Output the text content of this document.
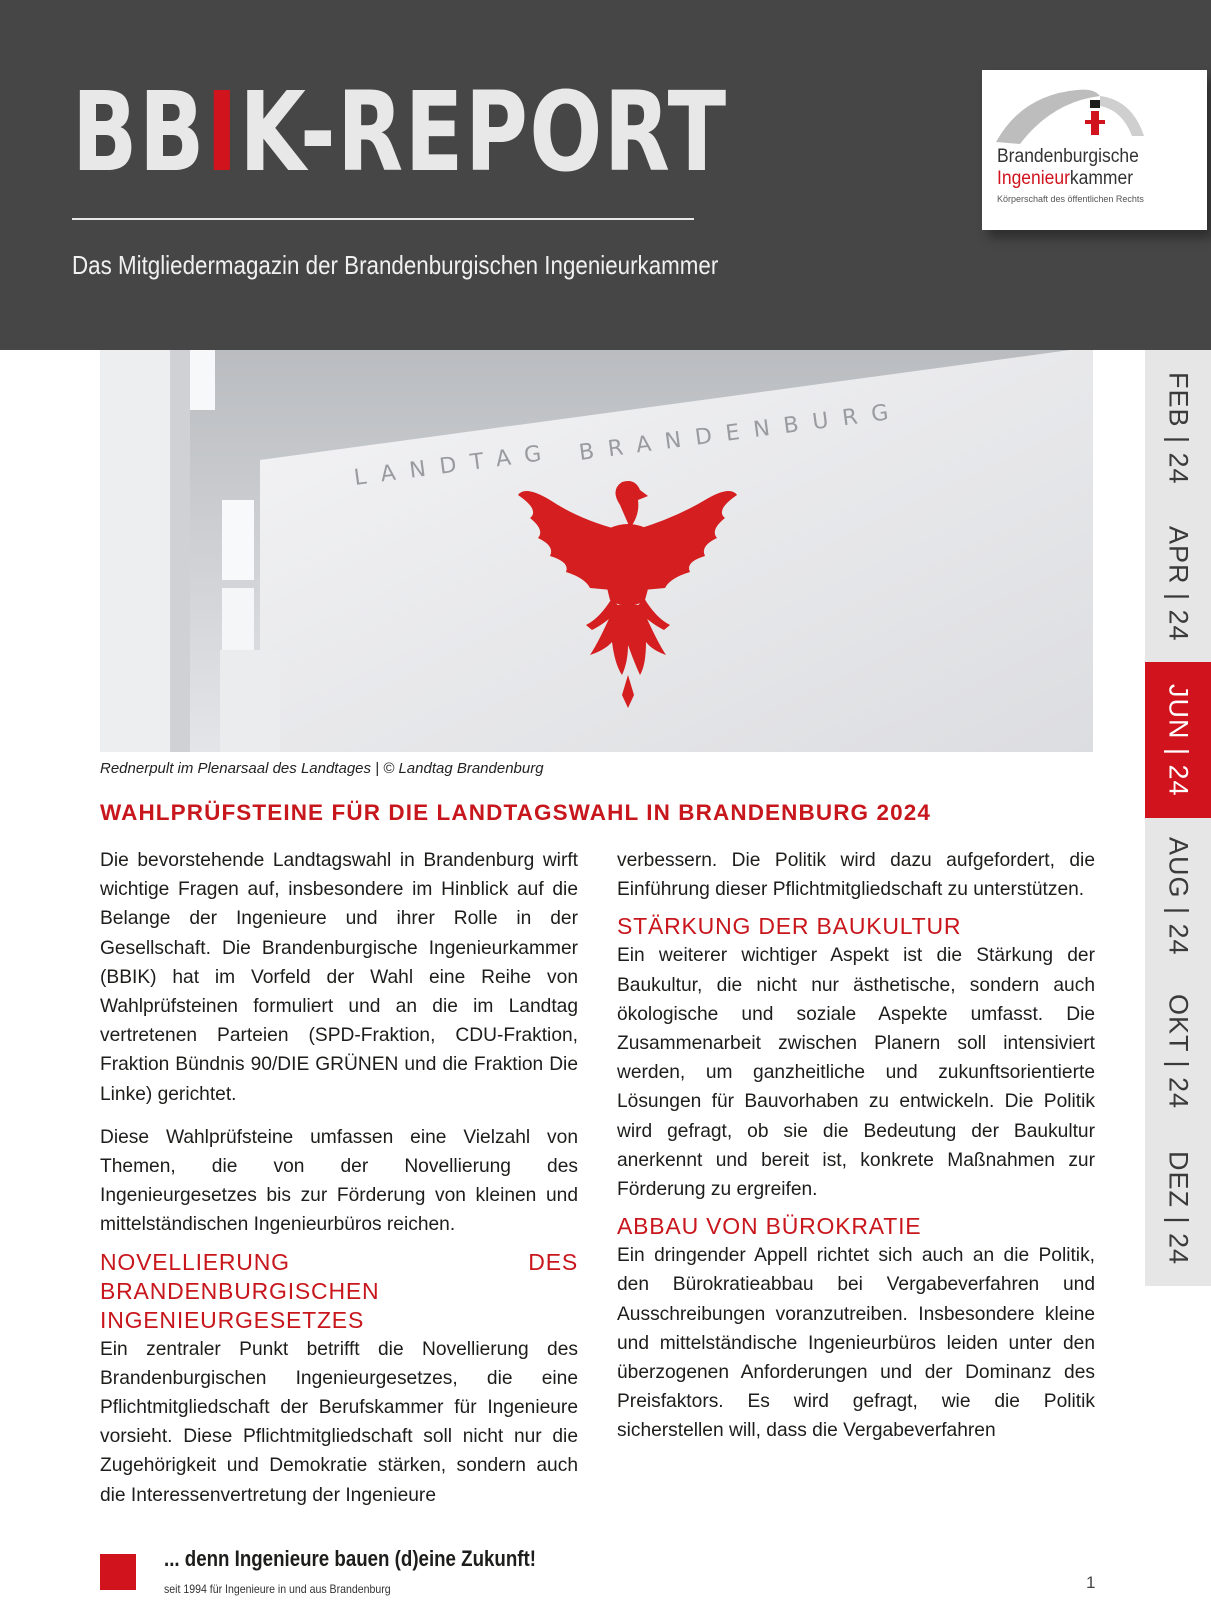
BBIK-REPORT
Das Mitgliedermagazin der Brandenburgischen Ingenieurkammer
Brandenburgische
Ingenieurkammer
Körperschaft des öffentlichen Rechts
FEB | 24
APR | 24
JUN | 24
AUG | 24
OKT | 24
DEZ | 24
LANDTAG BRANDENBURG
Rednerpult im Plenarsaal des Landtages | © Landtag Brandenburg
WAHLPRÜFSTEINE FÜR DIE LANDTAGSWAHL IN BRANDENBURG 2024

Die bevorstehende Landtagswahl in Brandenburg wirft wichtige Fragen auf, insbesondere im Hinblick auf die Belange der Ingenieure und ihrer Rolle in der Gesellschaft. Die Brandenburgische Ingenieurkammer (BBIK) hat im Vorfeld der Wahl eine Reihe von Wahlprüfsteinen formuliert und an die im Landtag vertretenen Parteien (SPD-Fraktion, CDU-Fraktion, Fraktion Bündnis 90/DIE GRÜNEN und die Fraktion Die Linke) gerichtet.

Diese Wahlprüfsteine umfassen eine Vielzahl von Themen, die von der Novellierung des Ingenieurgesetzes bis zur Förderung von kleinen und mittelständischen Ingenieurbüros reichen.

NOVELLIERUNG DES BRANDENBURGISCHEN INGENIEURGESETZES

Ein zentraler Punkt betrifft die Novellierung des Brandenburgischen Ingenieurgesetzes, die eine Pflichtmitgliedschaft der Berufskammer für Ingenieure vorsieht. Diese Pflichtmitgliedschaft soll nicht nur die Zugehörigkeit und Demokratie stärken, sondern auch die Interessenvertretung der Ingenieure

verbessern. Die Politik wird dazu aufgefordert, die Einführung dieser Pflichtmitgliedschaft zu unterstützen.

STÄRKUNG DER BAUKULTUR

Ein weiterer wichtiger Aspekt ist die Stärkung der Baukultur, die nicht nur ästhetische, sondern auch ökologische und soziale Aspekte umfasst. Die Zusammenarbeit zwischen Planern soll intensiviert werden, um ganzheitliche und zukunftsorientierte Lösungen für Bauvorhaben zu entwickeln. Die Politik wird gefragt, ob sie die Bedeutung der Baukultur anerkennt und bereit ist, konkrete Maßnahmen zur Förderung zu ergreifen.

ABBAU VON BÜROKRATIE

Ein dringender Appell richtet sich auch an die Politik, den Bürokratieabbau bei Vergabeverfahren und Ausschreibungen voranzutreiben. Insbesondere kleine und mittelständische Ingenieurbüros leiden unter den überzogenen Anforderungen und der Dominanz des Preisfaktors. Es wird gefragt, wie die Politik sicherstellen will, dass die Vergabeverfahren

... denn Ingenieure bauen (d)eine Zukunft!
seit 1994 für Ingenieure in und aus Brandenburg	1
